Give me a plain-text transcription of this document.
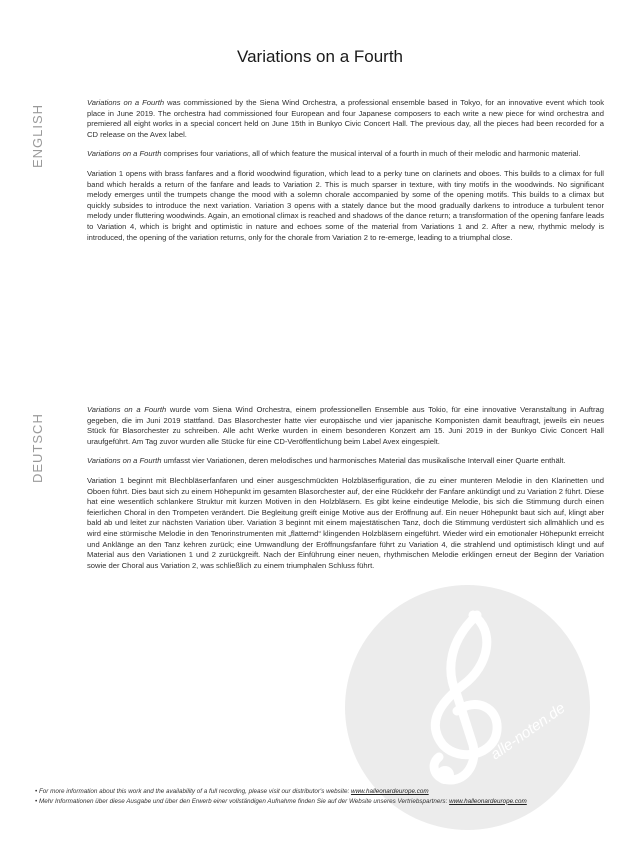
Variations on a Fourth
ENGLISH

Variations on a Fourth was commissioned by the Siena Wind Orchestra, a professional ensemble based in Tokyo, for an innovative event which took place in June 2019. The orchestra had commissioned four European and four Japanese composers to each write a new piece for wind orchestra and premiered all eight works in a special concert held on June 15th in Bunkyo Civic Concert Hall. The previous day, all the pieces had been recorded for a CD release on the Avex label.

Variations on a Fourth comprises four variations, all of which feature the musical interval of a fourth in much of their melodic and harmonic material.

Variation 1 opens with brass fanfares and a florid woodwind figuration, which lead to a perky tune on clarinets and oboes. This builds to a climax for full band which heralds a return of the fanfare and leads to Variation 2. This is much sparser in texture, with tiny motifs in the woodwinds. No significant melody emerges until the trumpets change the mood with a solemn chorale accompanied by some of the opening motifs. This builds to a climax but quickly subsides to introduce the next variation. Variation 3 opens with a stately dance but the mood gradually darkens to introduce a turbulent tenor melody under fluttering woodwinds. Again, an emotional climax is reached and shadows of the dance return; a transformation of the opening fanfare leads to Variation 4, which is bright and optimistic in nature and echoes some of the material from Variations 1 and 2. After a new, rhythmic melody is introduced, the opening of the variation returns, only for the chorale from Variation 2 to re-emerge, leading to a triumphal close.

alle-noten.de
DEUTSCH

Variations on a Fourth wurde vom Siena Wind Orchestra, einem professionellen Ensemble aus Tokio, für eine innovative Veranstaltung in Auftrag gegeben, die im Juni 2019 stattfand. Das Blasorchester hatte vier europäische und vier japanische Komponisten damit beauftragt, jeweils ein neues Stück für Blasorchester zu schreiben. Alle acht Werke wurden in einem besonderen Konzert am 15. Juni 2019 in der Bunkyo Civic Concert Hall uraufgeführt. Am Tag zuvor wurden alle Stücke für eine CD-Veröffentlichung beim Label Avex eingespielt.

Variations on a Fourth umfasst vier Variationen, deren melodisches und harmonisches Material das musikalische Intervall einer Quarte enthält.

Variation 1 beginnt mit Blechbläserfanfaren und einer ausgeschmückten Holzbläserfiguration, die zu einer munteren Melodie in den Klarinetten und Oboen führt. Dies baut sich zu einem Höhepunkt im gesamten Blasorchester auf, der eine Rückkehr der Fanfare ankündigt und zu Variation 2 führt. Diese hat eine wesentlich schlankere Struktur mit kurzen Motiven in den Holzbläsern. Es gibt keine eindeutige Melodie, bis sich die Stimmung durch einen feierlichen Choral in den Trompeten verändert. Die Begleitung greift einige Motive aus der Eröffnung auf. Ein neuer Höhepunkt baut sich auf, klingt aber bald ab und leitet zur nächsten Variation über. Variation 3 beginnt mit einem majestätischen Tanz, doch die Stimmung verdüstert sich allmählich und es wird eine stürmische Melodie in den Tenorinstrumenten mit „flatternd“ klingenden Holzbläsern eingeführt. Wieder wird ein emotionaler Höhepunkt erreicht und Anklänge an den Tanz kehren zurück; eine Umwandlung der Eröffnungsfanfare führt zu Variation 4, die strahlend und optimistisch klingt und auf Material aus den Variationen 1 und 2 zurückgreift. Nach der Einführung einer neuen, rhythmischen Melodie erklingen erneut der Beginn der Variation sowie der Choral aus Variation 2, was schließlich zu einem triumphalen Schluss führt.

• For more information about this work and the availability of a full recording, please visit our distributor's website: www.halleonardeurope.com
• Mehr Informationen über diese Ausgabe und über den Erwerb einer vollständigen Aufnahme finden Sie auf der Website unseres Vertriebspartners: www.halleonardeurope.com
